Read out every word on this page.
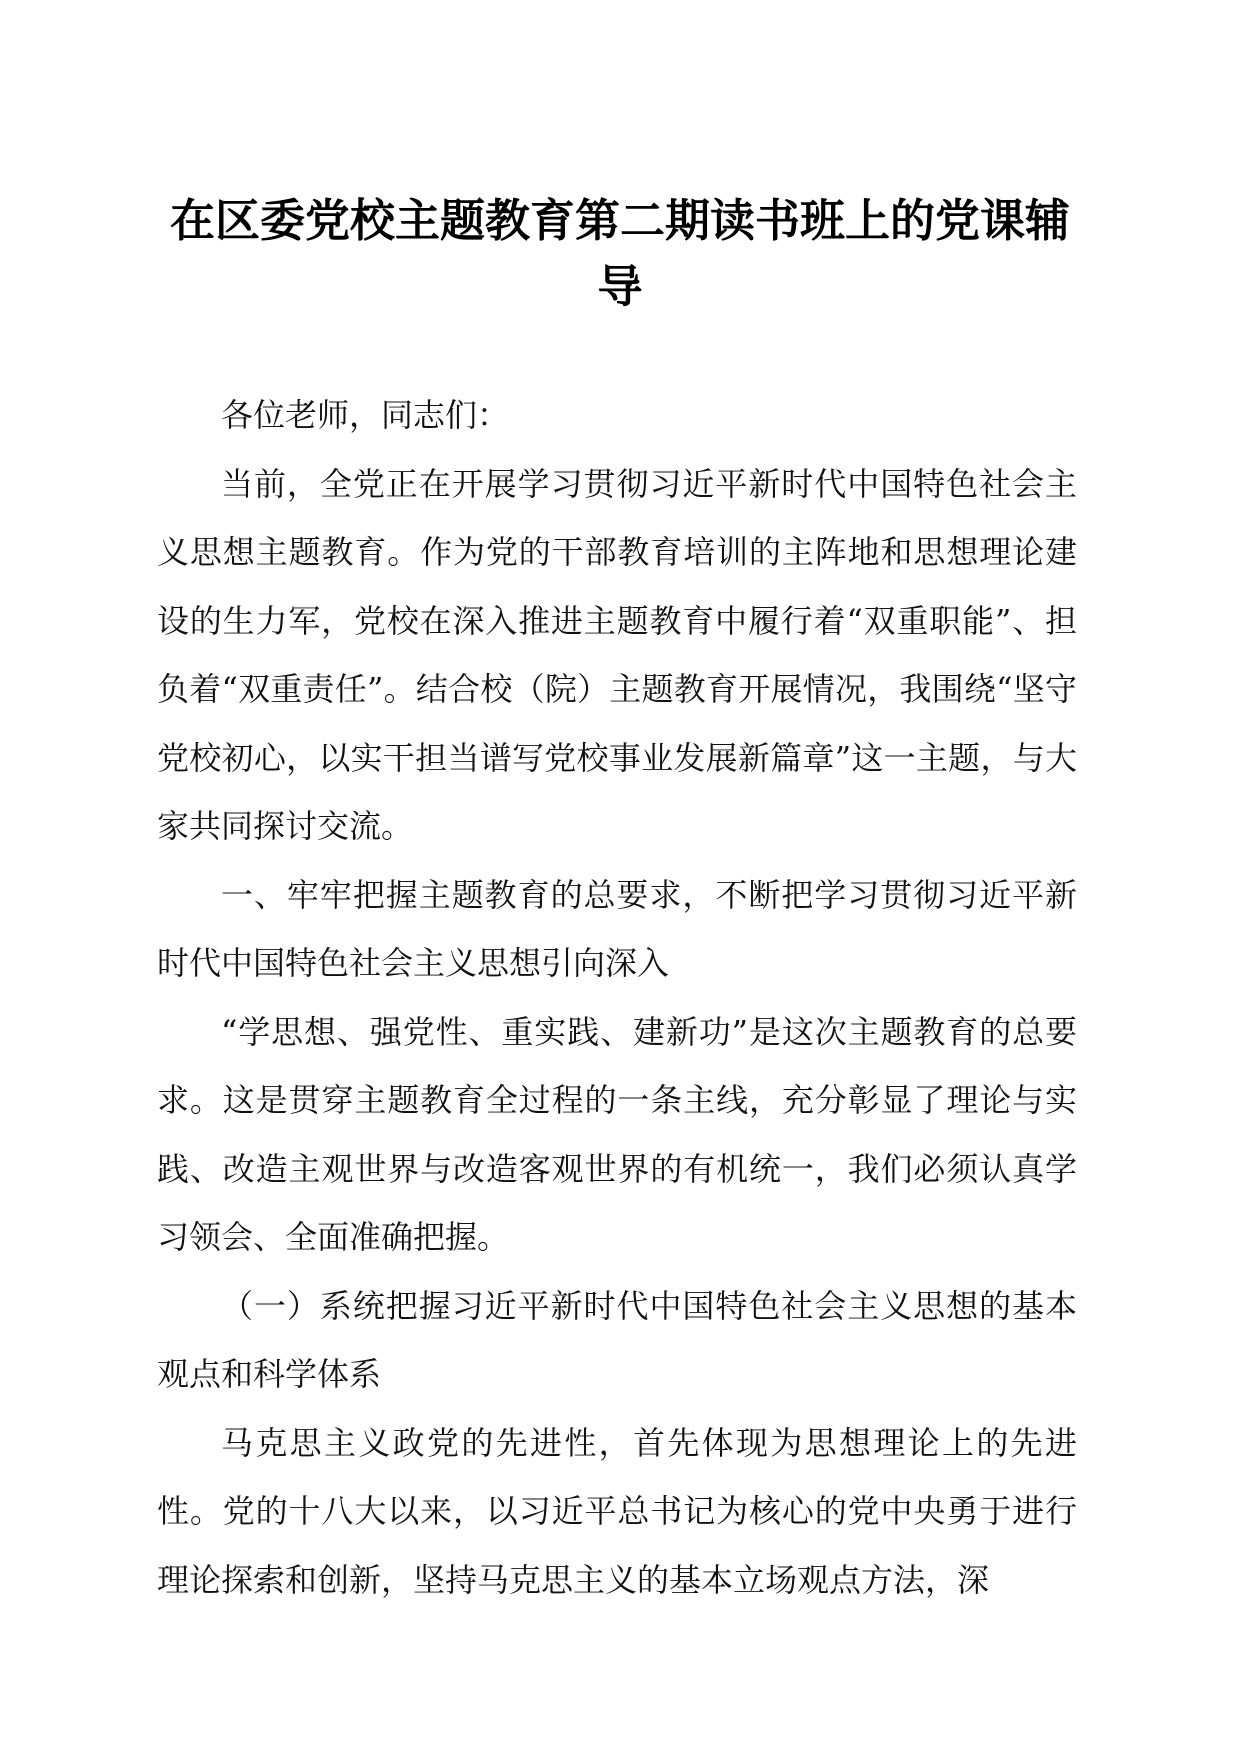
在区委党校主题教育第二期读书班上的党课辅导

各位老师，同志们：

当前，全党正在开展学习贯彻习近平新时代中国特色社会主义思想主题教育。作为党的干部教育培训的主阵地和思想理论建设的生力军，党校在深入推进主题教育中履行着“双重职能”、担负着“双重责任”。结合校（院）主题教育开展情况，我围绕“坚守党校初心，以实干担当谱写党校事业发展新篇章”这一主题，与大家共同探讨交流。

一、牢牢把握主题教育的总要求，不断把学习贯彻习近平新时代中国特色社会主义思想引向深入

“学思想、强党性、重实践、建新功”是这次主题教育的总要求。这是贯穿主题教育全过程的一条主线，充分彰显了理论与实践、改造主观世界与改造客观世界的有机统一，我们必须认真学习领会、全面准确把握。

（一）系统把握习近平新时代中国特色社会主义思想的基本观点和科学体系

马克思主义政党的先进性，首先体现为思想理论上的先进性。党的十八大以来，以习近平总书记为核心的党中央勇于进行理论探索和创新，坚持马克思主义的基本立场观点方法，深
